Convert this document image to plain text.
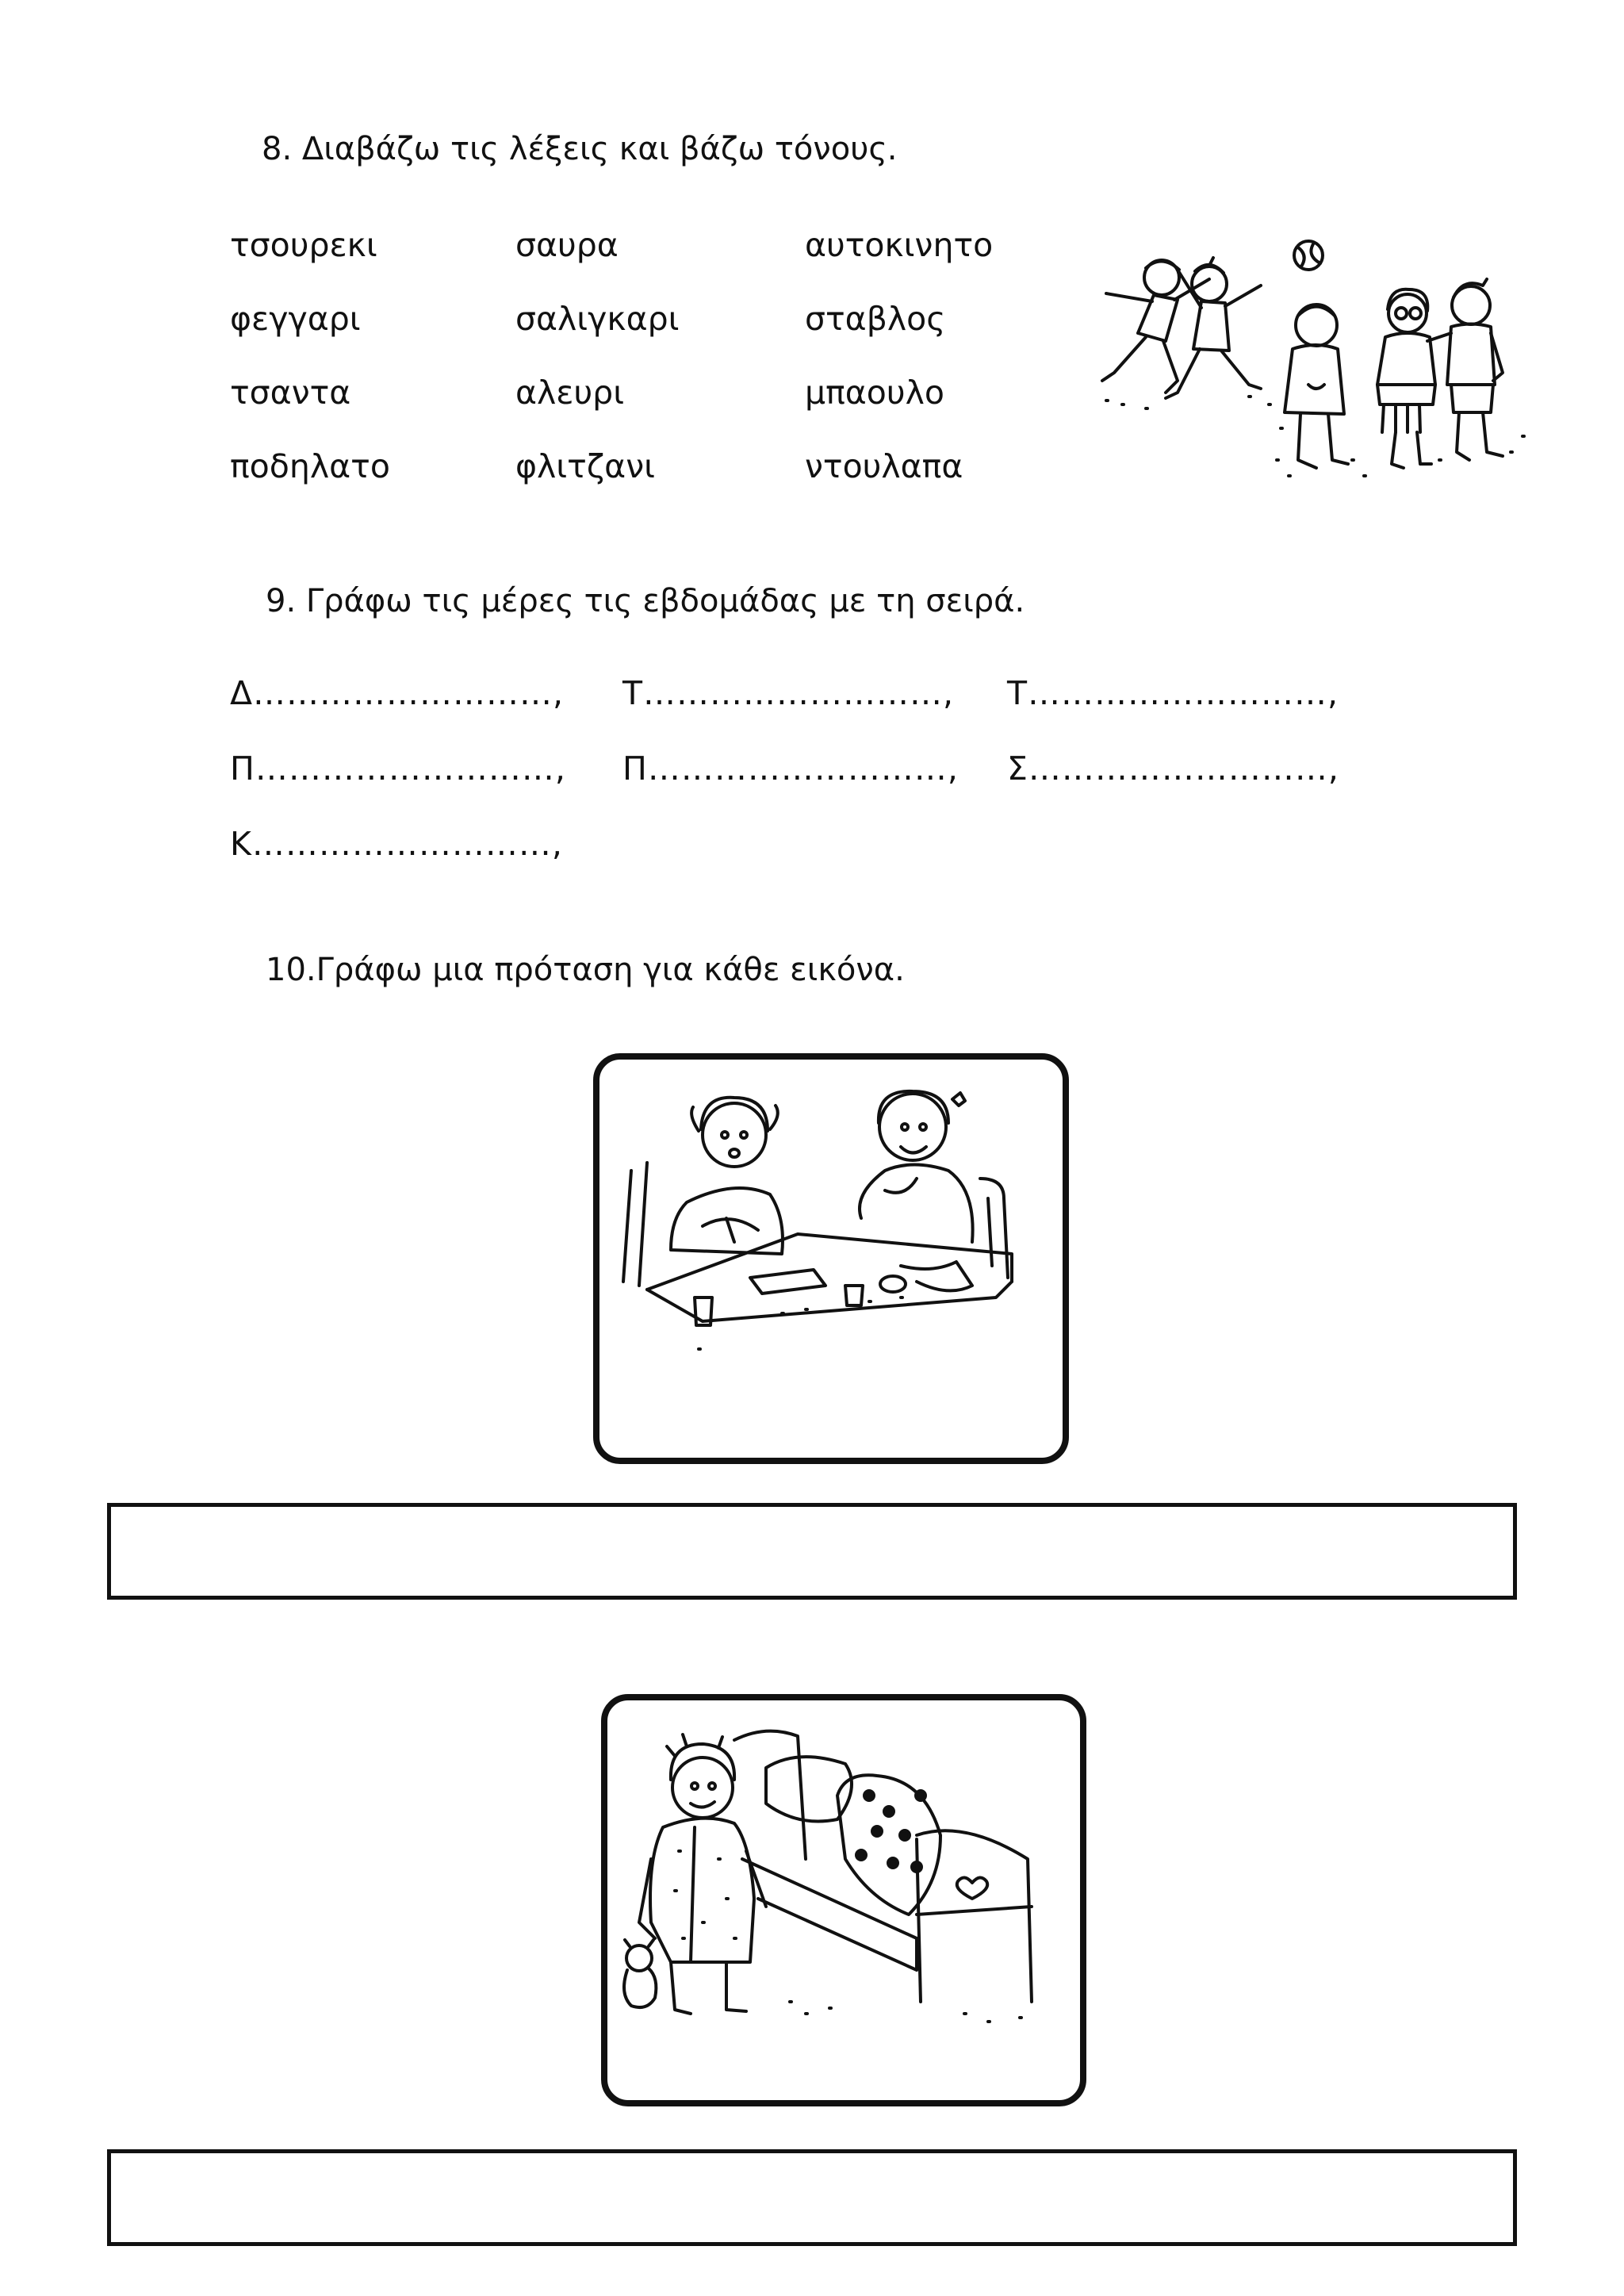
8. Διαβάζω τις λέξεις και βάζω τόνους.
τσουρεκι	σαυρα	αυτοκινητο
φεγγαρι	σαλιγκαρι	σταβλος
τσαντα	αλευρι	μπαουλο
ποδηλατο	φλιτζανι	ντουλαπα
9. Γράφω τις μέρες τις εβδομάδας με τη σειρά.
Δ………………………, Τ………………………, Τ………………………,
Π………………………, Π………………………, Σ………………………,
Κ………………………,
10.Γράφω μια πρόταση για κάθε εικόνα.
